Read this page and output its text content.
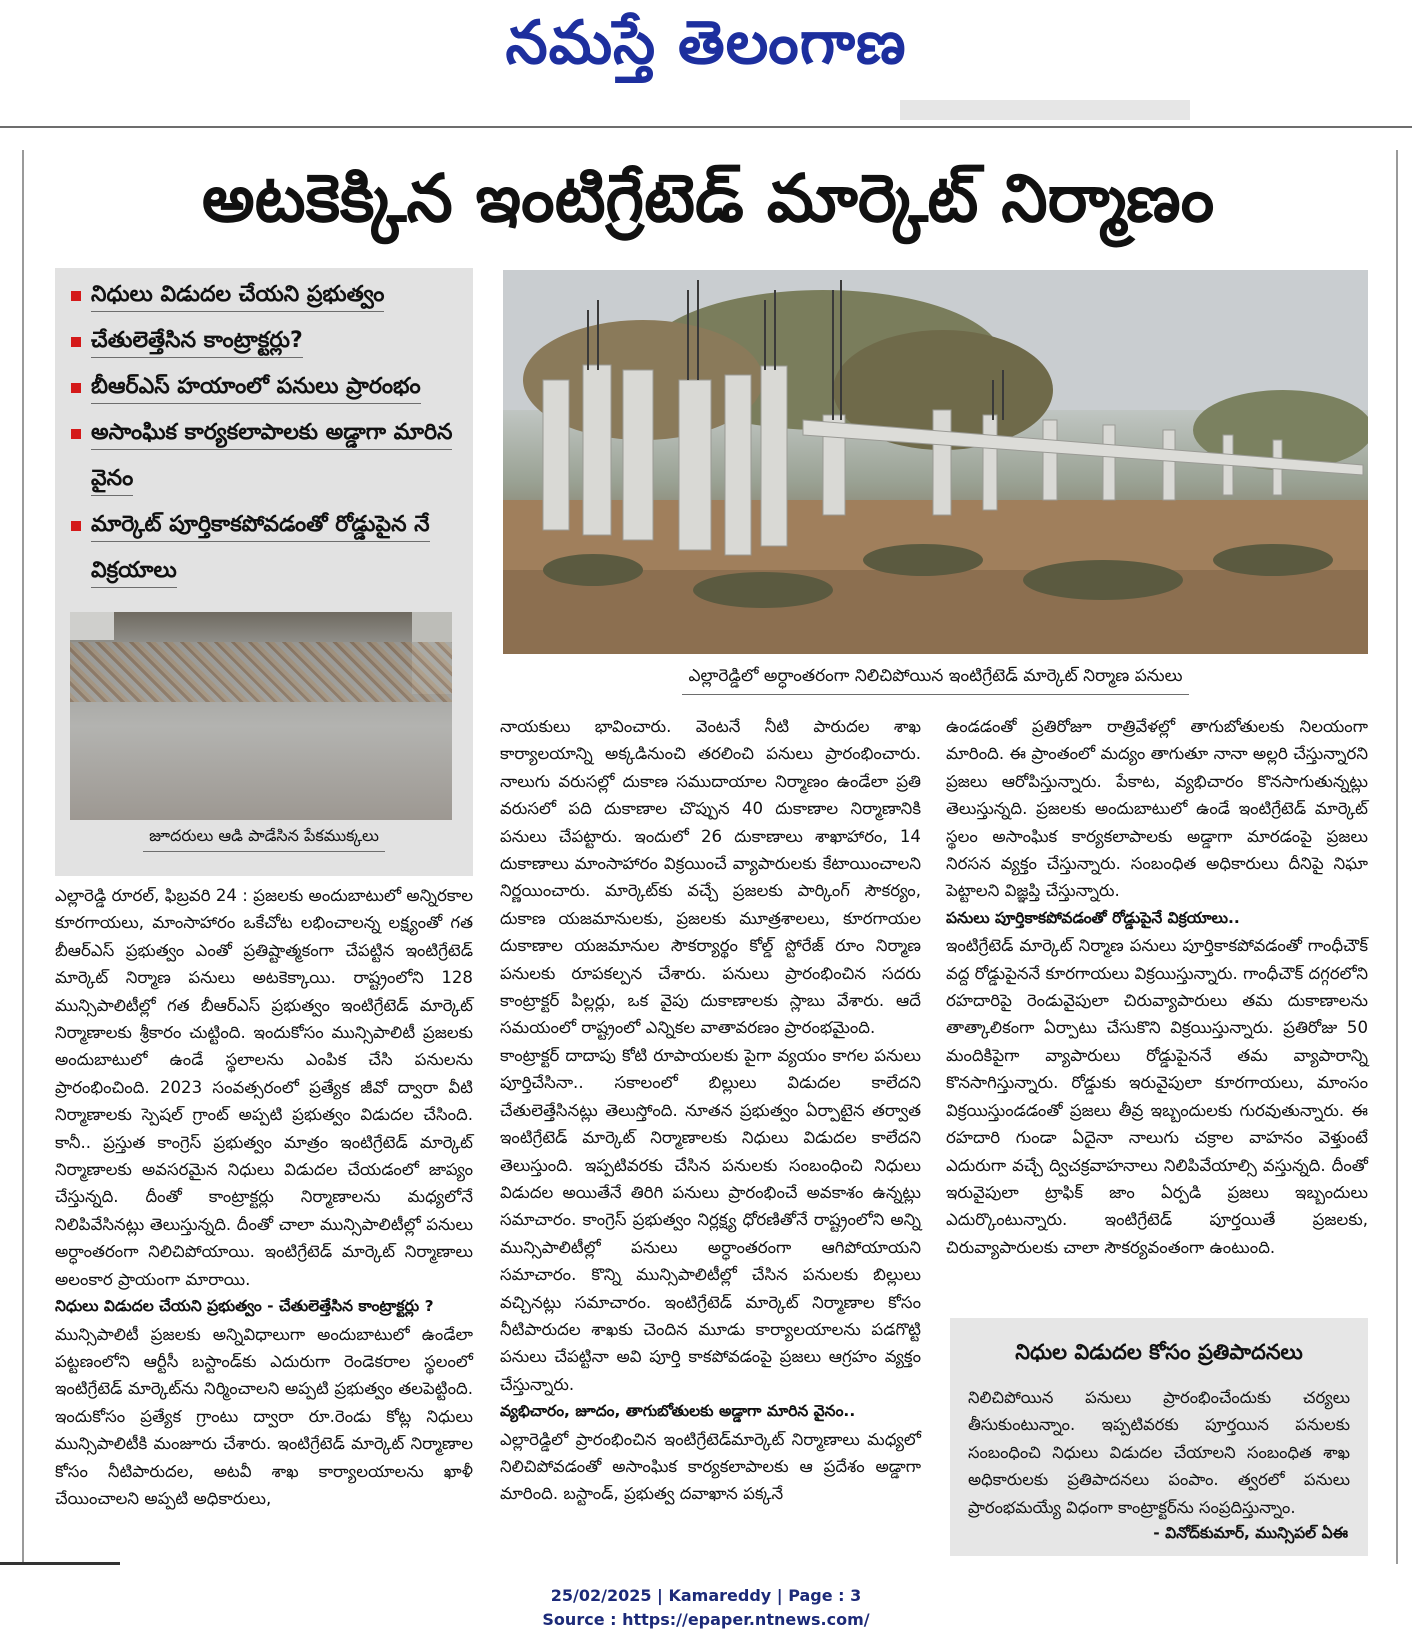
నమస్తే తెలంగాణ
అటకెక్కిన ఇంటిగ్రేటెడ్ మార్కెట్ నిర్మాణం
నిధులు విడుదల చేయని ప్రభుత్వం
చేతులెత్తేసిన కాంట్రాక్టర్లు?
బీఆర్ఎస్ హయాంలో పనులు ప్రారంభం
అసాంఘిక కార్యకలాపాలకు అడ్డాగా మారిన వైనం
మార్కెట్ పూర్తికాకపోవడంతో రోడ్డుపైన నే విక్రయాలు
జూదరులు ఆడి పాడేసిన పేకముక్కలు
ఎల్లారెడ్డిలో అర్ధాంతరంగా నిలిచిపోయిన ఇంటిగ్రేటెడ్ మార్కెట్ నిర్మాణ పనులు

ఎల్లారెడ్డి రూరల్, ఫిబ్రవరి 24 : ప్రజలకు అందుబాటులో అన్నిరకాల కూరగాయలు, మాంసాహారం ఒకేచోట లభించాలన్న లక్ష్యంతో గత బీఆర్ఎస్ ప్రభుత్వం ఎంతో ప్రతిష్టాత్మకంగా చేపట్టిన ఇంటిగ్రేటెడ్ మార్కెట్ నిర్మాణ పనులు అటకెక్కాయి. రాష్ట్రంలోని 128 మున్సిపాలిటీల్లో గత బీఆర్ఎస్ ప్రభుత్వం ఇంటిగ్రేటెడ్ మార్కెట్ నిర్మాణాలకు శ్రీకారం చుట్టింది. ఇందుకోసం మున్సిపాలిటీ ప్రజలకు అందుబాటులో ఉండే స్థలాలను ఎంపిక చేసి పనులను ప్రారంభించింది. 2023 సంవత్సరంలో ప్రత్యేక జీవో ద్వారా వీటి నిర్మాణాలకు స్పెషల్ గ్రాంట్ అప్పటి ప్రభుత్వం విడుదల చేసింది. కానీ.. ప్రస్తుత కాంగ్రెస్ ప్రభుత్వం మాత్రం ఇంటిగ్రేటెడ్ మార్కెట్ నిర్మాణాలకు అవసరమైన నిధులు విడుదల చేయడంలో జాప్యం చేస్తున్నది. దీంతో కాంట్రాక్టర్లు నిర్మాణాలను మధ్యలోనే నిలిపివేసినట్లు తెలుస్తున్నది. దీంతో చాలా మున్సిపాలిటీల్లో పనులు అర్ధాంతరంగా నిలిచిపోయాయి. ఇంటిగ్రేటెడ్ మార్కెట్ నిర్మాణాలు అలంకార ప్రాయంగా మారాయి.

నిధులు విడుదల చేయని ప్రభుత్వం - చేతులెత్తేసిన కాంట్రాక్టర్లు ?

మున్సిపాలిటీ ప్రజలకు అన్నివిధాలుగా అందుబాటులో ఉండేలా పట్టణంలోని ఆర్టీసీ బస్టాండ్‌కు ఎదురుగా రెండెకరాల స్థలంలో ఇంటిగ్రేటెడ్ మార్కెట్‌ను నిర్మించాలని అప్పటి ప్రభుత్వం తలపెట్టింది. ఇందుకోసం ప్రత్యేక గ్రాంటు ద్వారా రూ.రెండు కోట్ల నిధులు మున్సిపాలిటీకి మంజూరు చేశారు. ఇంటిగ్రేటెడ్ మార్కెట్ నిర్మాణాల కోసం నీటిపారుదల, అటవీ శాఖ కార్యాలయాలను ఖాళీ చేయించాలని అప్పటి అధికారులు,

నాయకులు భావించారు. వెంటనే నీటి పారుదల శాఖ కార్యాలయాన్ని అక్కడినుంచి తరలించి పనులు ప్రారంభించారు. నాలుగు వరుసల్లో దుకాణ సముదాయాల నిర్మాణం ఉండేలా ప్రతి వరుసలో పది దుకాణాల చొప్పున 40 దుకాణాల నిర్మాణానికి పనులు చేపట్టారు. ఇందులో 26 దుకాణాలు శాఖాహారం, 14 దుకాణాలు మాంసాహారం విక్రయించే వ్యాపారులకు కేటాయించాలని నిర్ణయించారు. మార్కెట్‌కు వచ్చే ప్రజలకు పార్కింగ్ సౌకర్యం, దుకాణ యజమానులకు, ప్రజలకు మూత్రశాలలు, కూరగాయల దుకాణాల యజమానుల సౌకర్యార్థం కోల్డ్ స్టోరేజ్ రూం నిర్మాణ పనులకు రూపకల్పన చేశారు. పనులు ప్రారంభించిన సదరు కాంట్రాక్టర్ పిల్లర్లు, ఒక వైపు దుకాణాలకు స్లాబు వేశారు. ఆదే సమయంలో రాష్ట్రంలో ఎన్నికల వాతావరణం ప్రారంభమైంది.

కాంట్రాక్టర్ దాదాపు కోటి రూపాయలకు పైగా వ్యయం కాగల పనులు పూర్తిచేసినా.. సకాలంలో బిల్లులు విడుదల కాలేదని చేతులెత్తేసినట్లు తెలుస్తోంది. నూతన ప్రభుత్వం ఏర్పాటైన తర్వాత ఇంటిగ్రేటెడ్ మార్కెట్ నిర్మాణాలకు నిధులు విడుదల కాలేదని తెలుస్తుంది. ఇప్పటివరకు చేసిన పనులకు సంబంధించి నిధులు విడుదల అయితేనే తిరిగి పనులు ప్రారంభించే అవకాశం ఉన్నట్లు సమాచారం. కాంగ్రెస్ ప్రభుత్వం నిర్లక్ష్య ధోరణితోనే రాష్ట్రంలోని అన్ని మున్సిపాలిటీల్లో పనులు అర్ధాంతరంగా ఆగిపోయాయని సమాచారం. కొన్ని మున్సిపాలిటీల్లో చేసిన పనులకు బిల్లులు వచ్చినట్లు సమాచారం. ఇంటిగ్రేటెడ్ మార్కెట్ నిర్మాణాల కోసం నీటిపారుదల శాఖకు చెందిన మూడు కార్యాలయాలను పడగొట్టి పనులు చేపట్టినా అవి పూర్తి కాకపోవడంపై ప్రజలు ఆగ్రహం వ్యక్తం చేస్తున్నారు.

వ్యభిచారం, జూదం, తాగుబోతులకు అడ్డాగా మారిన వైనం..

ఎల్లారెడ్డిలో ప్రారంభించిన ఇంటిగ్రేటెడ్‌మార్కెట్ నిర్మాణాలు మధ్యలో నిలిచిపోవడంతో అసాంఘిక కార్యకలాపాలకు ఆ ప్రదేశం అడ్డాగా మారింది. బస్టాండ్, ప్రభుత్వ దవాఖాన పక్కనే

ఉండడంతో ప్రతిరోజూ రాత్రివేళల్లో తాగుబోతులకు నిలయంగా మారింది. ఈ ప్రాంతంలో మద్యం తాగుతూ నానా అల్లరి చేస్తున్నారని ప్రజలు ఆరోపిస్తున్నారు. పేకాట, వ్యభిచారం కొనసాగుతున్నట్లు తెలుస్తున్నది. ప్రజలకు అందుబాటులో ఉండే ఇంటిగ్రేటెడ్ మార్కెట్ స్థలం అసాంఘిక కార్యకలాపాలకు అడ్డాగా మారడంపై ప్రజలు నిరసన వ్యక్తం చేస్తున్నారు. సంబంధిత అధికారులు దీనిపై నిఘా పెట్టాలని విజ్ఞప్తి చేస్తున్నారు.

పనులు పూర్తికాకపోవడంతో రోడ్డుపైనే విక్రయాలు..

ఇంటిగ్రేటెడ్ మార్కెట్ నిర్మాణ పనులు పూర్తికాకపోవడంతో గాంధీచౌక్ వద్ద రోడ్డుపైననే కూరగాయలు విక్రయిస్తున్నారు. గాంధీచౌక్ దగ్గరలోని రహదారిపై రెండువైపులా చిరువ్యాపారులు తమ దుకాణాలను తాత్కాలికంగా ఏర్పాటు చేసుకొని విక్రయిస్తున్నారు. ప్రతిరోజు 50 మందికిపైగా వ్యాపారులు రోడ్డుపైననే తమ వ్యాపారాన్ని కొనసాగిస్తున్నారు. రోడ్డుకు ఇరువైపులా కూరగాయలు, మాంసం విక్రయిస్తుండడంతో ప్రజలు తీవ్ర ఇబ్బందులకు గురవుతున్నారు. ఈ రహదారి గుండా ఏదైనా నాలుగు చక్రాల వాహనం వెళ్తుంటే ఎదురుగా వచ్చే ద్విచక్రవాహనాలు నిలిపివేయాల్సి వస్తున్నది. దీంతో ఇరువైపులా ట్రాఫిక్ జాం ఏర్పడి ప్రజలు ఇబ్బందులు ఎదుర్కొంటున్నారు. ఇంటిగ్రేటెడ్ పూర్తయితే ప్రజలకు, చిరువ్యాపారులకు చాలా సౌకర్యవంతంగా ఉంటుంది.

నిధుల విడుదల కోసం ప్రతిపాదనలు
నిలిచిపోయిన పనులు ప్రారంభించేందుకు చర్యలు తీసుకుంటున్నాం. ఇప్పటివరకు పూర్తయిన పనులకు సంబంధించి నిధులు విడుదల చేయాలని సంబంధిత శాఖ అధికారులకు ప్రతిపాదనలు పంపాం. త్వరలో పనులు ప్రారంభమయ్యే విధంగా కాంట్రాక్టర్‌ను సంప్రదిస్తున్నాం.
- వినోద్‌కుమార్, మున్సిపల్ ఏఈ
25/02/2025 | Kamareddy | Page : 3
Source : https://epaper.ntnews.com/
